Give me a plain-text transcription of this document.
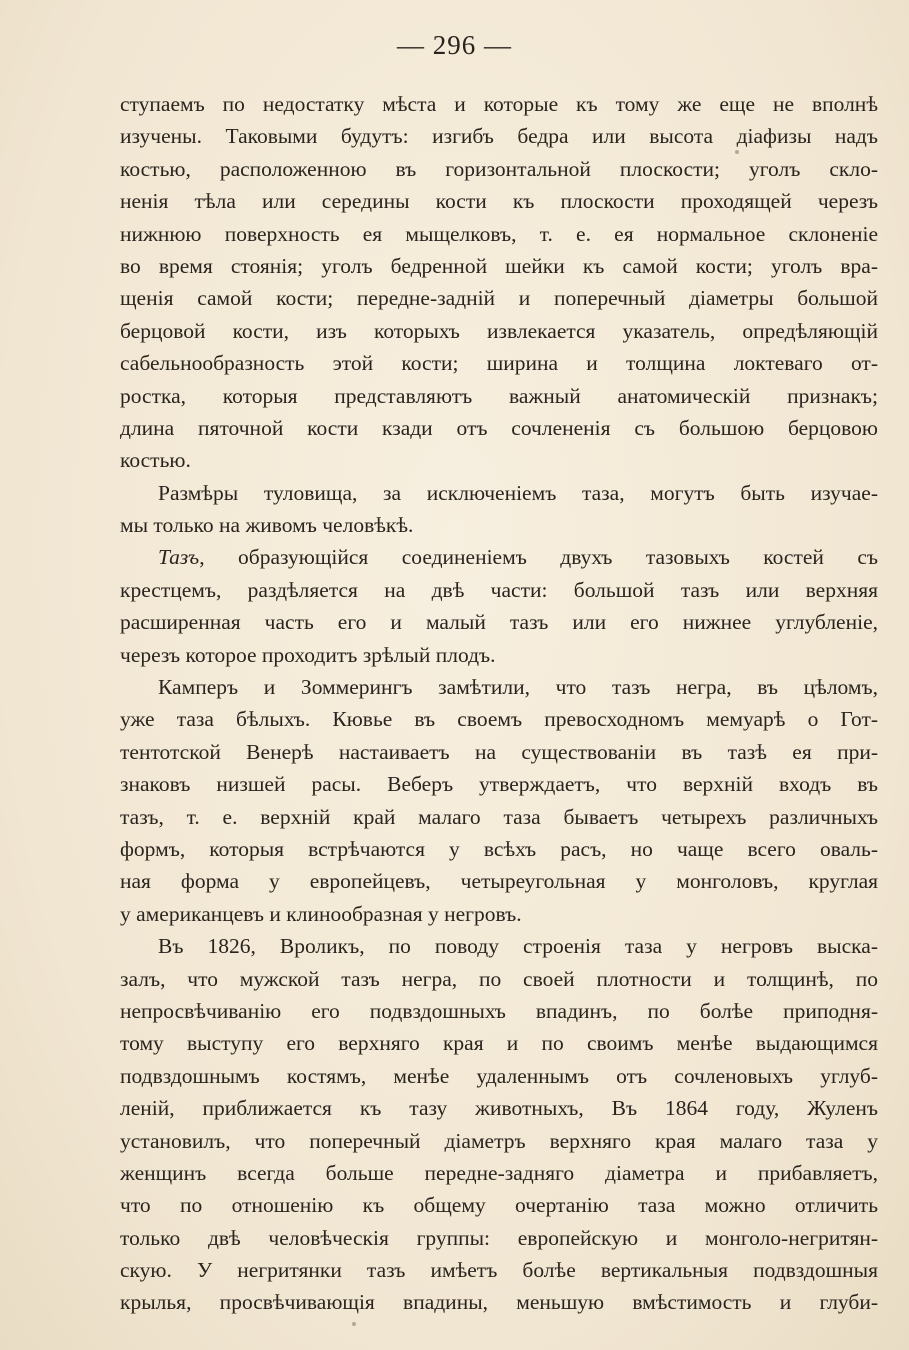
— 296 —
ступаемъ по недостатку мѣста и которые къ тому же еще не вполнѣ
изучены. Таковыми будутъ: изгибъ бедра или высота діафизы надъ
костью, расположенною въ горизонтальной плоскости; уголъ скло-
ненія тѣла или середины кости къ плоскости проходящей черезъ
нижнюю поверхность ея мыщелковъ, т. е. ея нормальное склоненіе
во время стоянія; уголъ бедренной шейки къ самой кости; уголъ вра-
щенія самой кости; передне-задній и поперечный діаметры большой
берцовой кости, изъ которыхъ извлекается указатель, опредѣляющій
сабельнообразность этой кости; ширина и толщина локтеваго от-
ростка, которыя представляютъ важный анатомическій признакъ;
длина пяточной кости кзади отъ сочлененія съ большою берцовою
костью.
Размѣры туловища, за исключеніемъ таза, могутъ быть изучае-
мы только на живомъ человѣкѣ.
Тазъ, образующійся соединеніемъ двухъ тазовыхъ костей съ
крестцемъ, раздѣляется на двѣ части: большой тазъ или верхняя
расширенная часть его и малый тазъ или его нижнее углубленіе,
черезъ которое проходитъ зрѣлый плодъ.
Камперъ и Зоммерингъ замѣтили, что тазъ негра, въ цѣломъ,
уже таза бѣлыхъ. Кювье въ своемъ превосходномъ мемуарѣ о Гот-
тентотской Венерѣ настаиваетъ на существованіи въ тазѣ ея при-
знаковъ низшей расы. Веберъ утверждаетъ, что верхній входъ въ
тазъ, т. е. верхній край малаго таза бываетъ четырехъ различныхъ
формъ, которыя встрѣчаются у всѣхъ расъ, но чаще всего оваль-
ная форма у европейцевъ, четыреугольная у монголовъ, круглая
у американцевъ и клинообразная у негровъ.
Въ 1826, Вроликъ, по поводу строенія таза у негровъ выска-
залъ, что мужской тазъ негра, по своей плотности и толщинѣ, по
непросвѣчиванію его подвздошныхъ впадинъ, по болѣе приподня-
тому выступу его верхняго края и по своимъ менѣе выдающимся
подвздошнымъ костямъ, менѣе удаленнымъ отъ сочленовыхъ углуб-
леній, приближается къ тазу животныхъ, Въ 1864 году, Жуленъ
установилъ, что поперечный діаметръ верхняго края малаго таза у
женщинъ всегда больше передне-задняго діаметра и прибавляетъ,
что по отношенію къ общему очертанію таза можно отличить
только двѣ человѣческія группы: европейскую и монголо-негритян-
скую. У негритянки тазъ имѣетъ болѣе вертикальныя подвздошныя
крылья, просвѣчивающія впадины, меньшую вмѣстимость и глуби-
